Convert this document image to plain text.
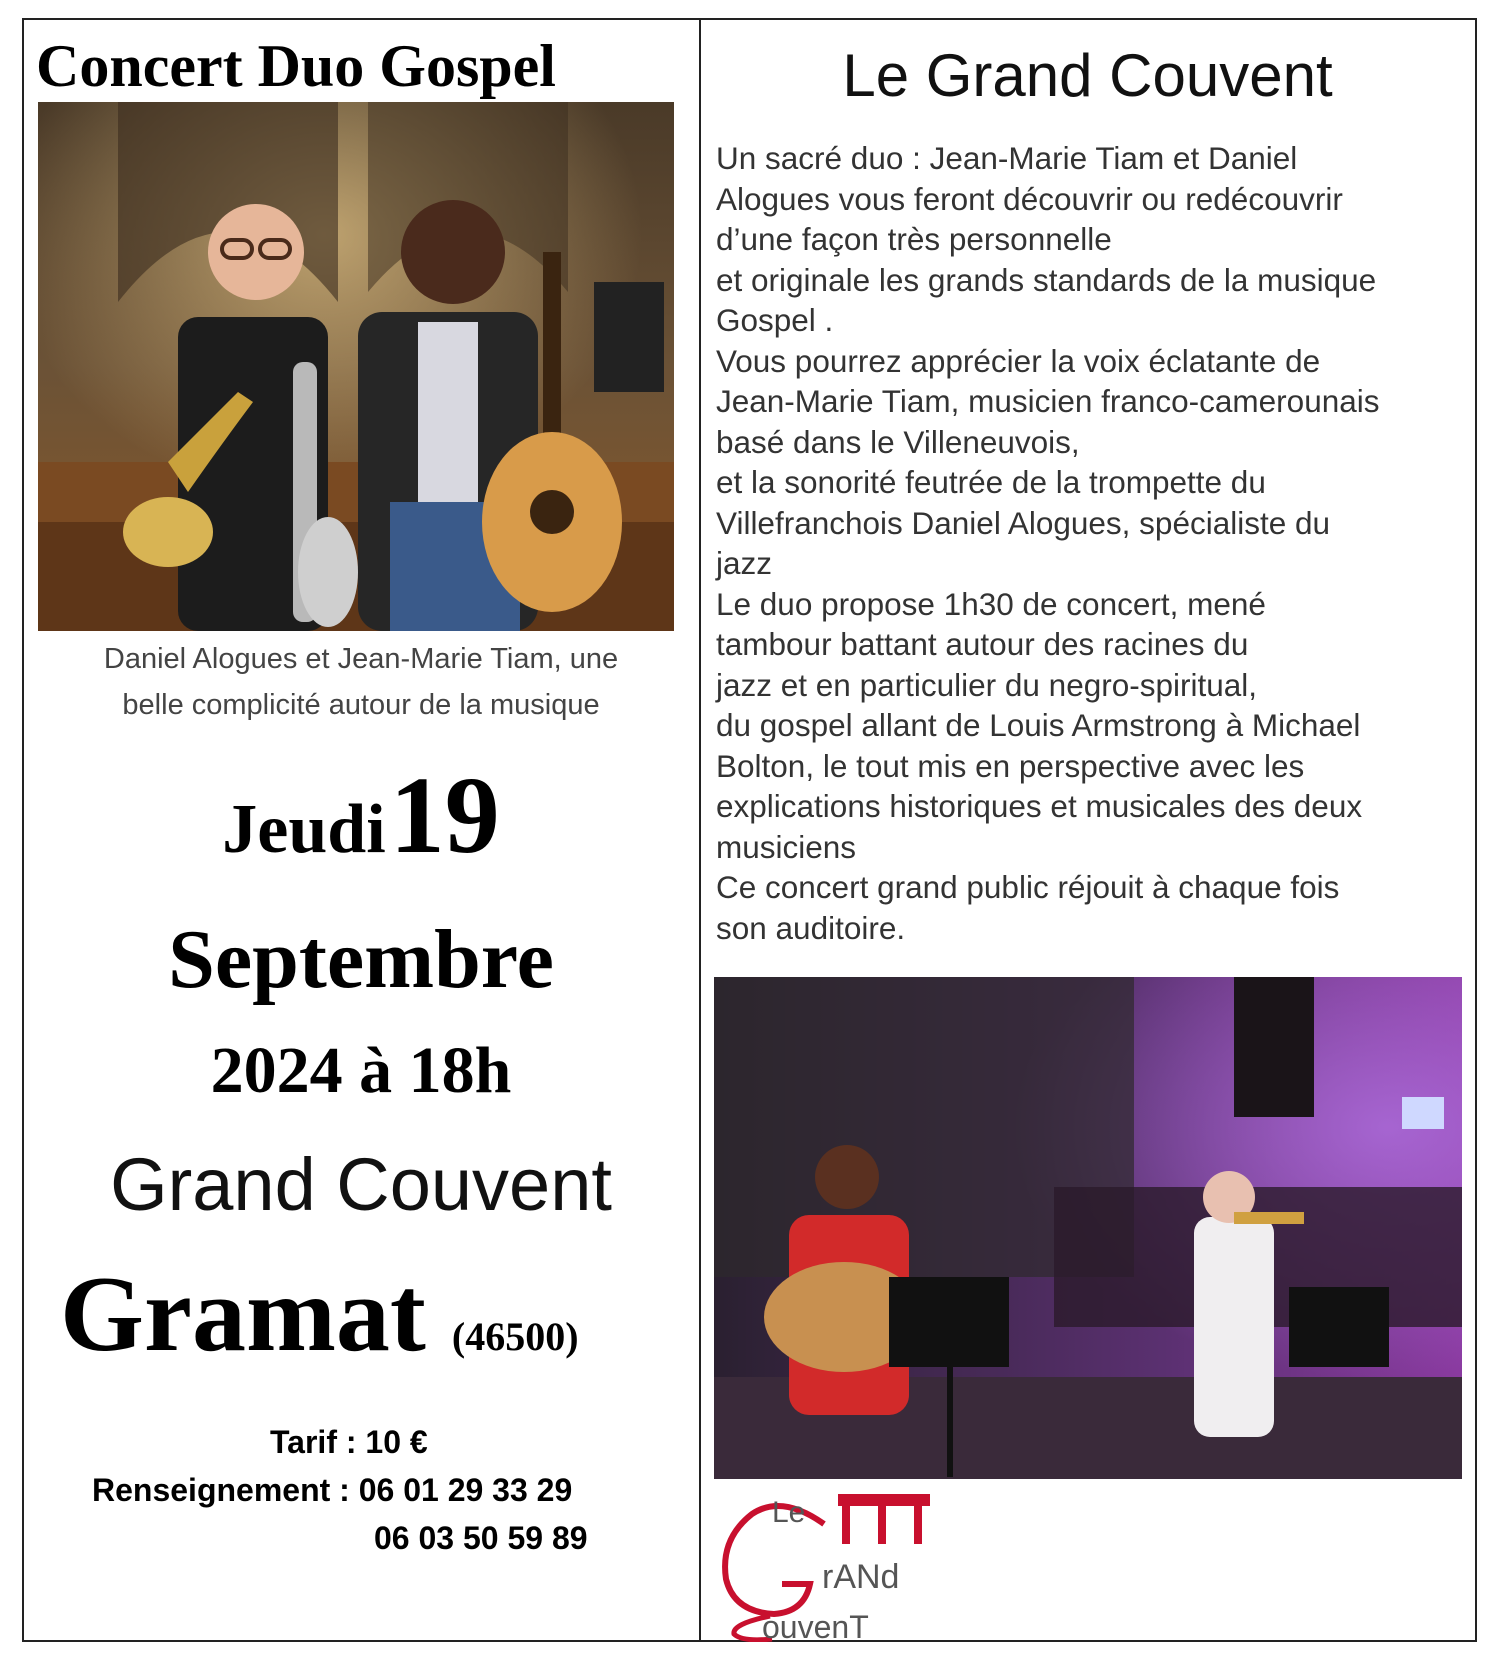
Concert Duo Gospel
Daniel Alogues et Jean-Marie Tiam, une
belle complicité autour de la musique
Jeudi 19
Septembre
2024 à 18h
Grand Couvent
Gramat (46500)
Tarif : 10 €
Renseignement : 06 01 29 33 29
06 03 50 59 89
Le Grand Couvent
Un sacré duo : Jean-Marie Tiam et Daniel
Alogues vous feront découvrir ou redécouvrir
d’une façon très personnelle
et originale les grands standards de la musique
Gospel .
Vous pourrez apprécier la voix éclatante de
Jean-Marie Tiam, musicien franco-camerounais
basé dans le Villeneuvois,
et la sonorité feutrée de la trompette du
Villefranchois Daniel Alogues, spécialiste du
jazz
Le duo propose 1h30 de concert, mené
tambour battant autour des racines du
jazz et en particulier du negro-spiritual,
du gospel allant de Louis Armstrong à Michael
Bolton, le tout mis en perspective avec les
explications historiques et musicales des deux
musiciens
Ce concert grand public réjouit à chaque fois
son auditoire.
Le
rANd
ouvenT
